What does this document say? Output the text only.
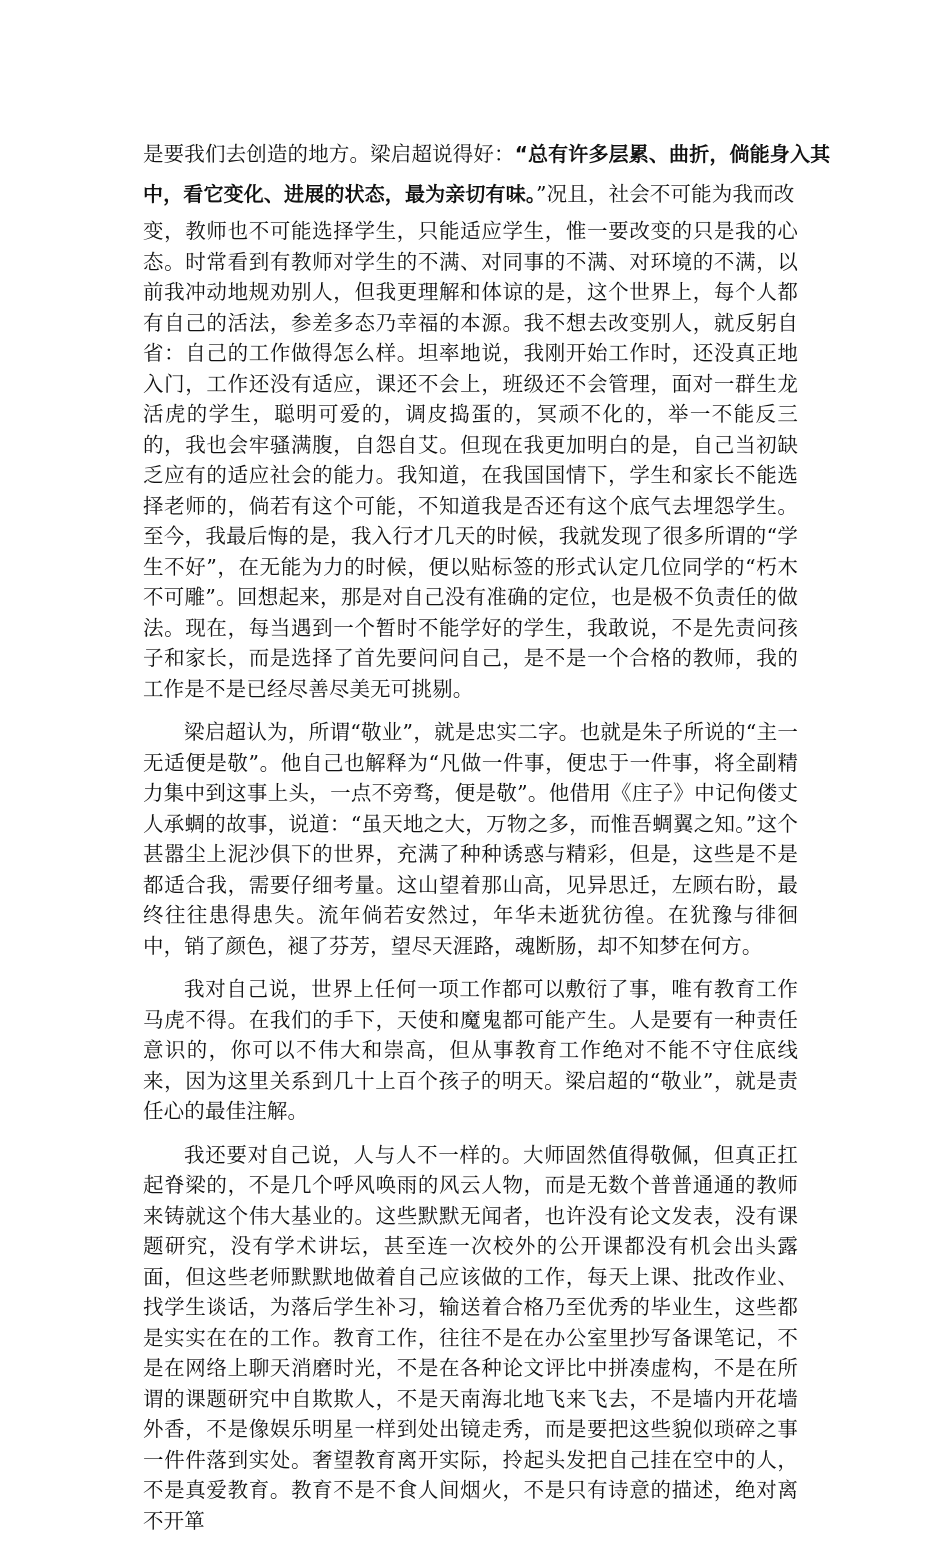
是要我们去创造的地方。梁启超说得好：“总有许多层累、曲折，倘能身入其
中，看它变化、进展的状态，最为亲切有味。”况且，社会不可能为我而改

变，教师也不可能选择学生，只能适应学生，惟一要改变的只是我的心态。时常看到有教师对学生的不满、对同事的不满、对环境的不满，以前我冲动地规劝别人，但我更理解和体谅的是，这个世界上，每个人都有自己的活法，参差多态乃幸福的本源。我不想去改变别人，就反躬自省：自己的工作做得怎么样。坦率地说，我刚开始工作时，还没真正地入门，工作还没有适应，课还不会上，班级还不会管理，面对一群生龙活虎的学生，聪明可爱的，调皮捣蛋的，冥顽不化的，举一不能反三的，我也会牢骚满腹，自怨自艾。但现在我更加明白的是，自己当初缺乏应有的适应社会的能力。我知道，在我国国情下，学生和家长不能选择老师的，倘若有这个可能，不知道我是否还有这个底气去埋怨学生。至今，我最后悔的是，我入行才几天的时候，我就发现了很多所谓的“学生不好”，在无能为力的时候，便以贴标签的形式认定几位同学的“朽木不可雕”。回想起来，那是对自己没有准确的定位，也是极不负责任的做法。现在，每当遇到一个暂时不能学好的学生，我敢说，不是先责问孩子和家长，而是选择了首先要问问自己，是不是一个合格的教师，我的工作是不是已经尽善尽美无可挑剔。

梁启超认为，所谓“敬业”，就是忠实二字。也就是朱子所说的“主一无适便是敬”。他自己也解释为“凡做一件事，便忠于一件事，将全副精力集中到这事上头，一点不旁骛，便是敬”。他借用《庄子》中记佝偻丈人承蜩的故事，说道：“虽天地之大，万物之多，而惟吾蜩翼之知。”这个甚嚣尘上泥沙俱下的世界，充满了种种诱惑与精彩，但是，这些是不是都适合我，需要仔细考量。这山望着那山高，见异思迁，左顾右盼，最终往往患得患失。流年倘若安然过，年华未逝犹彷徨。在犹豫与徘徊中，销了颜色，褪了芬芳，望尽天涯路，魂断肠，却不知梦在何方。

我对自己说，世界上任何一项工作都可以敷衍了事，唯有教育工作马虎不得。在我们的手下，天使和魔鬼都可能产生。人是要有一种责任意识的，你可以不伟大和崇高，但从事教育工作绝对不能不守住底线来，因为这里关系到几十上百个孩子的明天。梁启超的“敬业”，就是责任心的最佳注解。

我还要对自己说，人与人不一样的。大师固然值得敬佩，但真正扛起脊梁的，不是几个呼风唤雨的风云人物，而是无数个普普通通的教师来铸就这个伟大基业的。这些默默无闻者，也许没有论文发表，没有课题研究，没有学术讲坛，甚至连一次校外的公开课都没有机会出头露面，但这些老师默默地做着自己应该做的工作，每天上课、批改作业、找学生谈话，为落后学生补习，输送着合格乃至优秀的毕业生，这些都是实实在在的工作。教育工作，往往不是在办公室里抄写备课笔记，不是在网络上聊天消磨时光，不是在各种论文评比中拼凑虚构，不是在所谓的课题研究中自欺欺人，不是天南海北地飞来飞去，不是墙内开花墙外香，不是像娱乐明星一样到处出镜走秀，而是要把这些貌似琐碎之事一件件落到实处。奢望教育离开实际，拎起头发把自己挂在空中的人，不是真爱教育。教育不是不食人间烟火，不是只有诗意的描述，绝对离不开箪
